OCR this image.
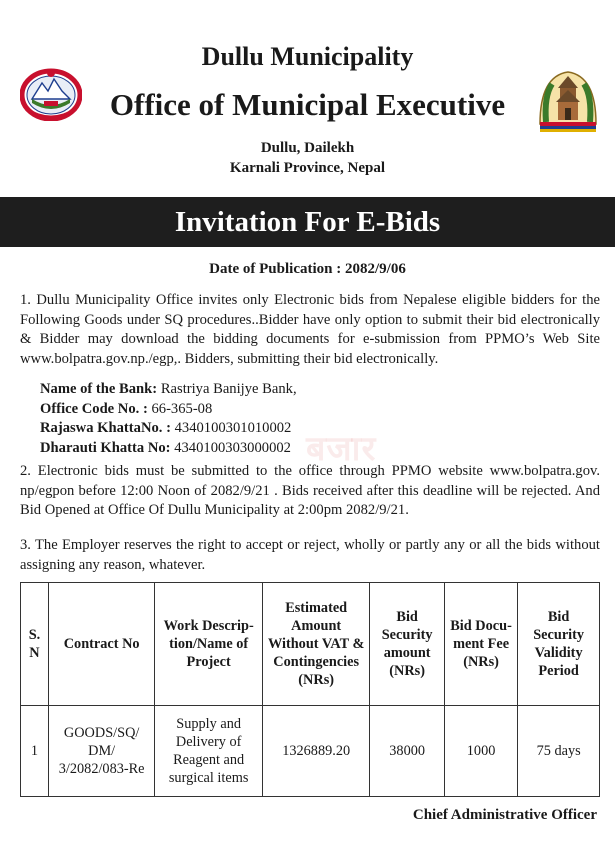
Dullu Municipality
Office of Municipal Executive
Dullu, Dailekh
Karnali Province, Nepal
Invitation For E-Bids
Date of Publication : 2082/9/06
1. Dullu Municipality Office invites only Electronic bids from Nepalese eligible bidders for the Following Goods under SQ procedures..Bidder have only option to submit their bid electronically & Bidder may download the bidding documents for e-submission from PPMO’s Web Site www.bolpatra.gov.np./egp,. Bidders, submitting their bid electronically.
Name of the Bank: Rastriya Banijye Bank,
Office Code No. : 66-365-08
Rajaswa KhattaNo. : 4340100301010002
Dharauti Khatta No: 4340100303000002 बजार
2. Electronic bids must be submitted to the office through PPMO website www.bolpatra.gov. np/egpon before 12:00 Noon of 2082/9/21 . Bids received after this deadline will be rejected. And Bid Opened at Office Of Dullu Municipality at 2:00pm 2082/9/21.
3. The Employer reserves the right to accept or reject, wholly or partly any or all the bids without assigning any reason, whatever.
S. N	Contract No	Work Descrip- tion/Name of Project	Estimated Amount Without VAT & Contingencies (NRs)	Bid Security amount (NRs)	Bid Docu- ment Fee (NRs)	Bid Security Validity Period
1	GOODS/SQ/ DM/ 3/2082/083-Re	Supply and Delivery of Reagent and surgical items	1326889.20	38000	1000	75 days
Chief Administrative Officer
